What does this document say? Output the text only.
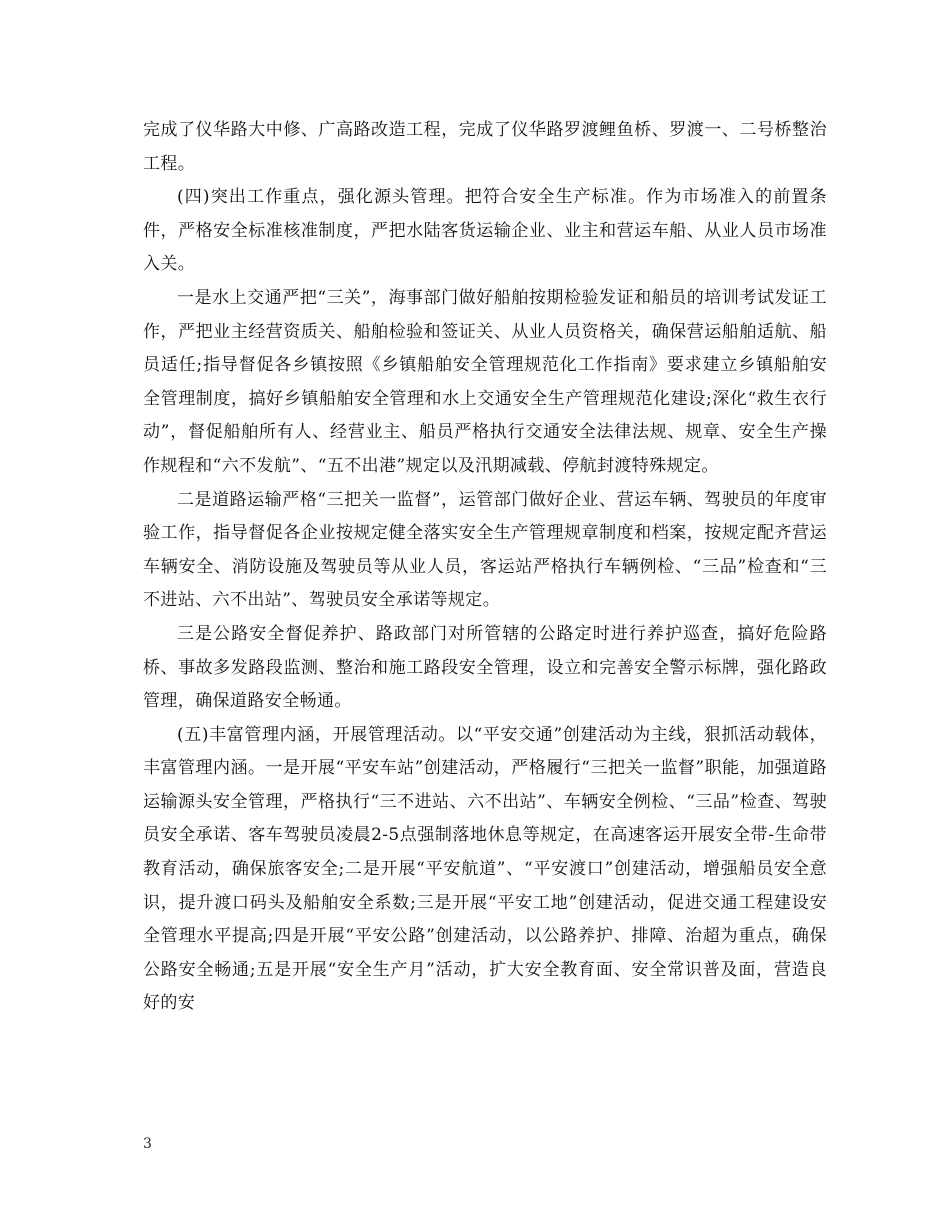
完成了仪华路大中修、广高路改造工程，完成了仪华路罗渡鲤鱼桥、罗渡一、二号桥整治工程。

(四)突出工作重点，强化源头管理。把符合安全生产标准。作为市场准入的前置条件，严格安全标准核准制度，严把水陆客货运输企业、业主和营运车船、从业人员市场准入关。

一是水上交通严把“三关”，海事部门做好船舶按期检验发证和船员的培训考试发证工作，严把业主经营资质关、船舶检验和签证关、从业人员资格关，确保营运船舶适航、船员适任;指导督促各乡镇按照《乡镇船舶安全管理规范化工作指南》要求建立乡镇船舶安全管理制度，搞好乡镇船舶安全管理和水上交通安全生产管理规范化建设;深化“救生衣行动”，督促船舶所有人、经营业主、船员严格执行交通安全法律法规、规章、安全生产操作规程和“六不发航”、“五不出港”规定以及汛期减载、停航封渡特殊规定。

二是道路运输严格“三把关一监督”，运管部门做好企业、营运车辆、驾驶员的年度审验工作，指导督促各企业按规定健全落实安全生产管理规章制度和档案，按规定配齐营运车辆安全、消防设施及驾驶员等从业人员，客运站严格执行车辆例检、“三品”检查和“三不进站、六不出站”、驾驶员安全承诺等规定。

三是公路安全督促养护、路政部门对所管辖的公路定时进行养护巡查，搞好危险路桥、事故多发路段监测、整治和施工路段安全管理，设立和完善安全警示标牌，强化路政管理，确保道路安全畅通。

(五)丰富管理内涵，开展管理活动。以“平安交通”创建活动为主线，狠抓活动载体，丰富管理内涵。一是开展“平安车站”创建活动，严格履行“三把关一监督”职能，加强道路运输源头安全管理，严格执行“三不进站、六不出站”、车辆安全例检、“三品”检查、驾驶员安全承诺、客车驾驶员凌晨2-5点强制落地休息等规定，在高速客运开展安全带-生命带教育活动，确保旅客安全;二是开展“平安航道”、“平安渡口”创建活动，增强船员安全意识，提升渡口码头及船舶安全系数;三是开展“平安工地”创建活动，促进交通工程建设安全管理水平提高;四是开展“平安公路”创建活动，以公路养护、排障、治超为重点，确保公路安全畅通;五是开展“安全生产月”活动，扩大安全教育面、安全常识普及面，营造良好的安

3
